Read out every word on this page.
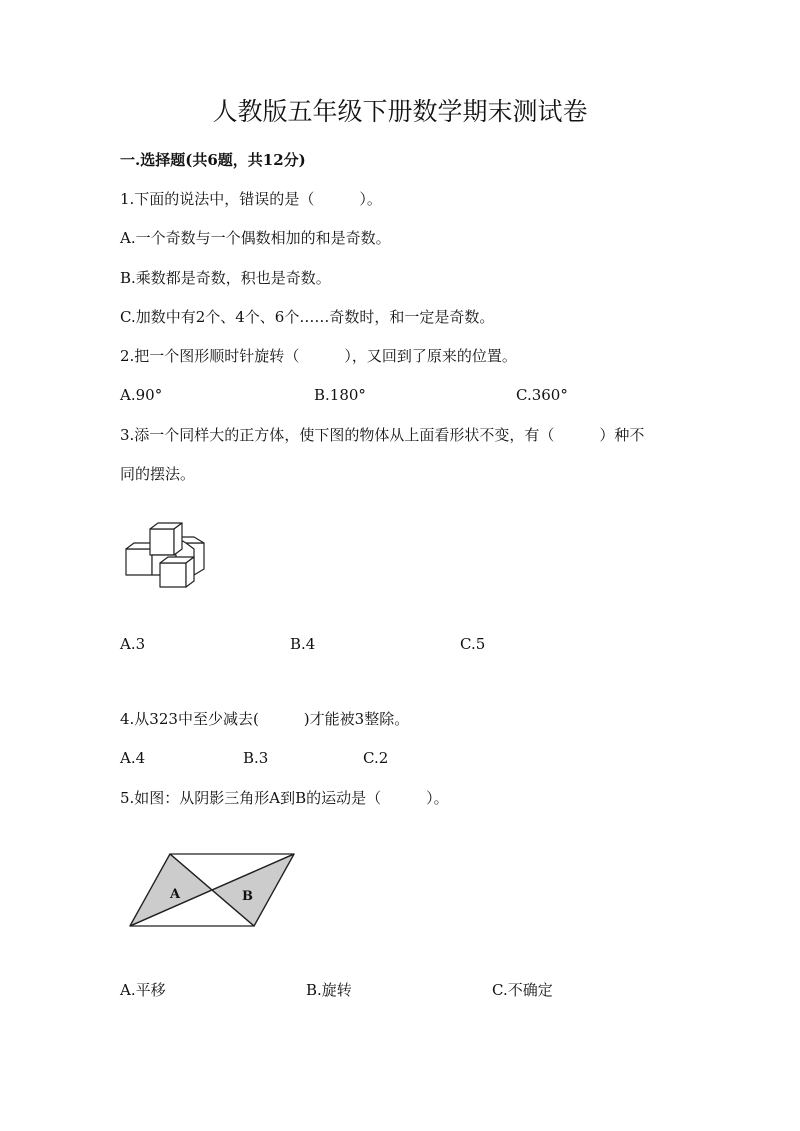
人教版五年级下册数学期末测试卷
一.选择题(共6题，共12分)
1.下面的说法中，错误的是（　　　）。
A.一个奇数与一个偶数相加的和是奇数。
B.乘数都是奇数，积也是奇数。
C.加数中有2个、4个、6个……奇数时，和一定是奇数。
2.把一个图形顺时针旋转（　　　），又回到了原来的位置。
A.90°	B.180°	C.360°
3.添一个同样大的正方体，使下图的物体从上面看形状不变，有（　　　）种不
同的摆法。
A.3	B.4	C.5
4.从323中至少减去(　　　)才能被3整除。
A.4	B.3	C.2
5.如图：从阴影三角形A到B的运动是（　　　）。
A	B
A.平移	B.旋转	C.不确定
